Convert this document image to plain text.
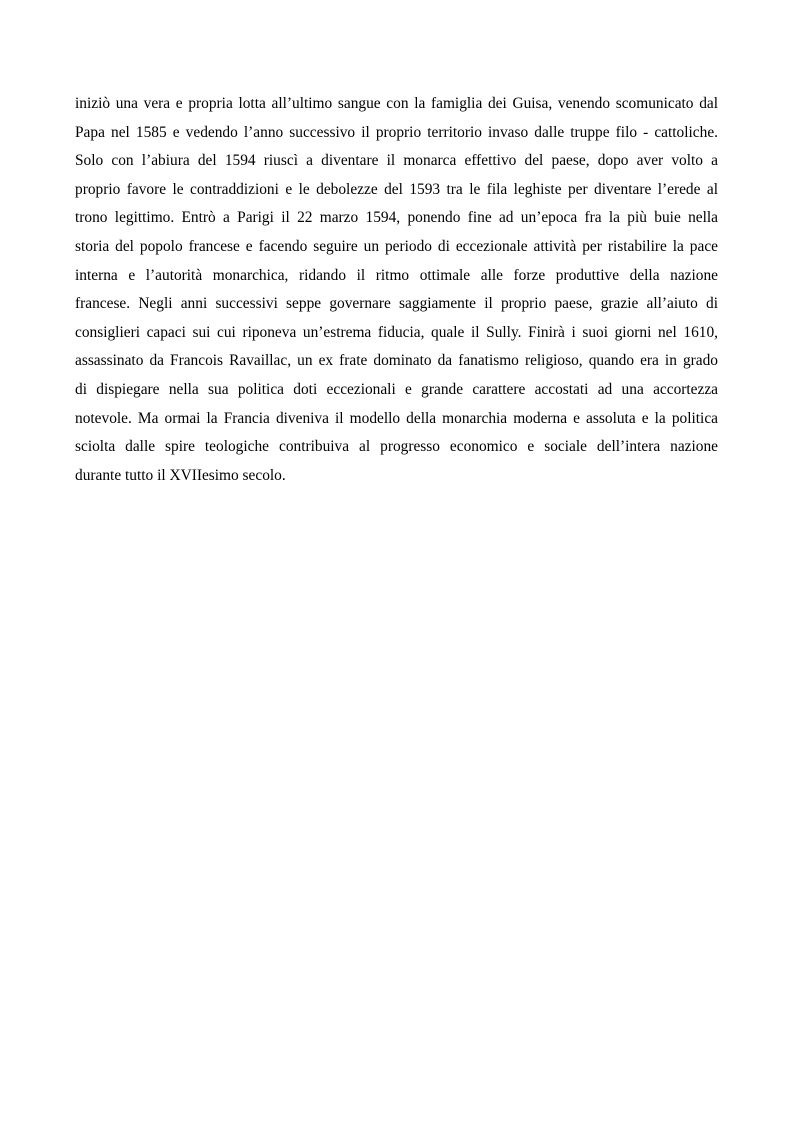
iniziò una vera e propria lotta all’ultimo sangue con la famiglia dei Guisa, venendo scomunicato dal
Papa nel 1585 e vedendo l’anno successivo il proprio territorio invaso dalle truppe filo - cattoliche.
Solo con l’abiura del 1594 riuscì a diventare il monarca effettivo del paese, dopo aver volto a
proprio favore le contraddizioni e le debolezze del 1593 tra le fila leghiste per diventare l’erede al
trono legittimo. Entrò a Parigi il 22 marzo 1594, ponendo fine ad un’epoca fra la più buie nella
storia del popolo francese e facendo seguire un periodo di eccezionale attività per ristabilire la pace
interna e l’autorità monarchica, ridando il ritmo ottimale alle forze produttive della nazione
francese. Negli anni successivi seppe governare saggiamente il proprio paese, grazie all’aiuto di
consiglieri capaci sui cui riponeva un’estrema fiducia, quale il Sully. Finirà i suoi giorni nel 1610,
assassinato da Francois Ravaillac, un ex frate dominato da fanatismo religioso, quando era in grado
di dispiegare nella sua politica doti eccezionali e grande carattere accostati ad una accortezza
notevole. Ma ormai la Francia diveniva il modello della monarchia moderna e assoluta e la politica
sciolta dalle spire teologiche contribuiva al progresso economico e sociale dell’intera nazione
durante tutto il XVIIesimo secolo.
